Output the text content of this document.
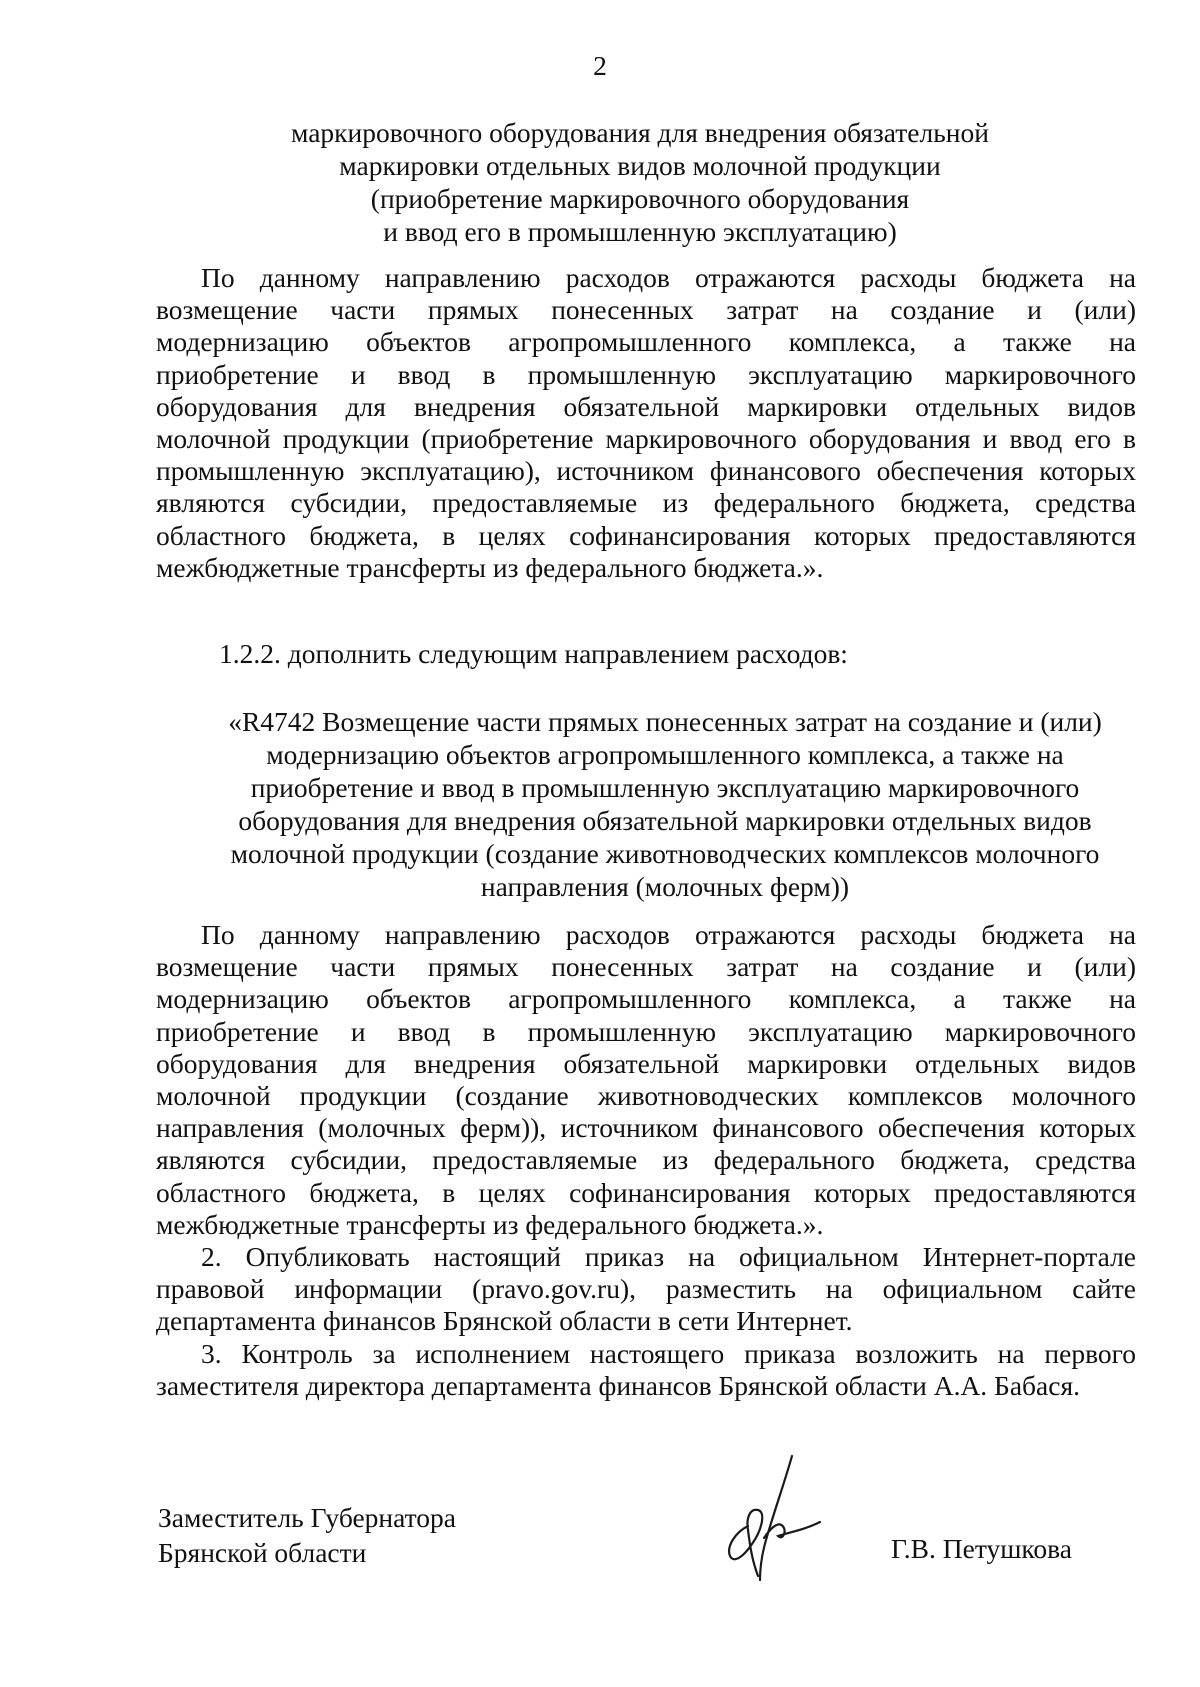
2
маркировочного оборудования для внедрения обязательной
маркировки отдельных видов молочной продукции
(приобретение маркировочного оборудования
и ввод его в промышленную эксплуатацию)
По данному направлению расходов отражаются расходы бюджета на
возмещение части прямых понесенных затрат на создание и (или)
модернизацию объектов агропромышленного комплекса, а также на
приобретение и ввод в промышленную эксплуатацию маркировочного
оборудования для внедрения обязательной маркировки отдельных видов
молочной продукции (приобретение маркировочного оборудования и ввод его в
промышленную эксплуатацию), источником финансового обеспечения которых
являются субсидии, предоставляемые из федерального бюджета, средства
областного бюджета, в целях софинансирования которых предоставляются
межбюджетные трансферты из федерального бюджета.».
1.2.2. дополнить следующим направлением расходов:
«R4742 Возмещение части прямых понесенных затрат на создание и (или)
модернизацию объектов агропромышленного комплекса, а также на
приобретение и ввод в промышленную эксплуатацию маркировочного
оборудования для внедрения обязательной маркировки отдельных видов
молочной продукции (создание животноводческих комплексов молочного
направления (молочных ферм))
По данному направлению расходов отражаются расходы бюджета на
возмещение части прямых понесенных затрат на создание и (или)
модернизацию объектов агропромышленного комплекса, а также на
приобретение и ввод в промышленную эксплуатацию маркировочного
оборудования для внедрения обязательной маркировки отдельных видов
молочной продукции (создание животноводческих комплексов молочного
направления (молочных ферм)), источником финансового обеспечения которых
являются субсидии, предоставляемые из федерального бюджета, средства
областного бюджета, в целях софинансирования которых предоставляются
межбюджетные трансферты из федерального бюджета.».
2. Опубликовать настоящий приказ на официальном Интернет-портале
правовой информации (pravo.gov.ru), разместить на официальном сайте
департамента финансов Брянской области в сети Интернет.
3. Контроль за исполнением настоящего приказа возложить на первого
заместителя директора департамента финансов Брянской области А.А. Бабася.
Заместитель Губернатора
Брянской области	Г.В. Петушкова
